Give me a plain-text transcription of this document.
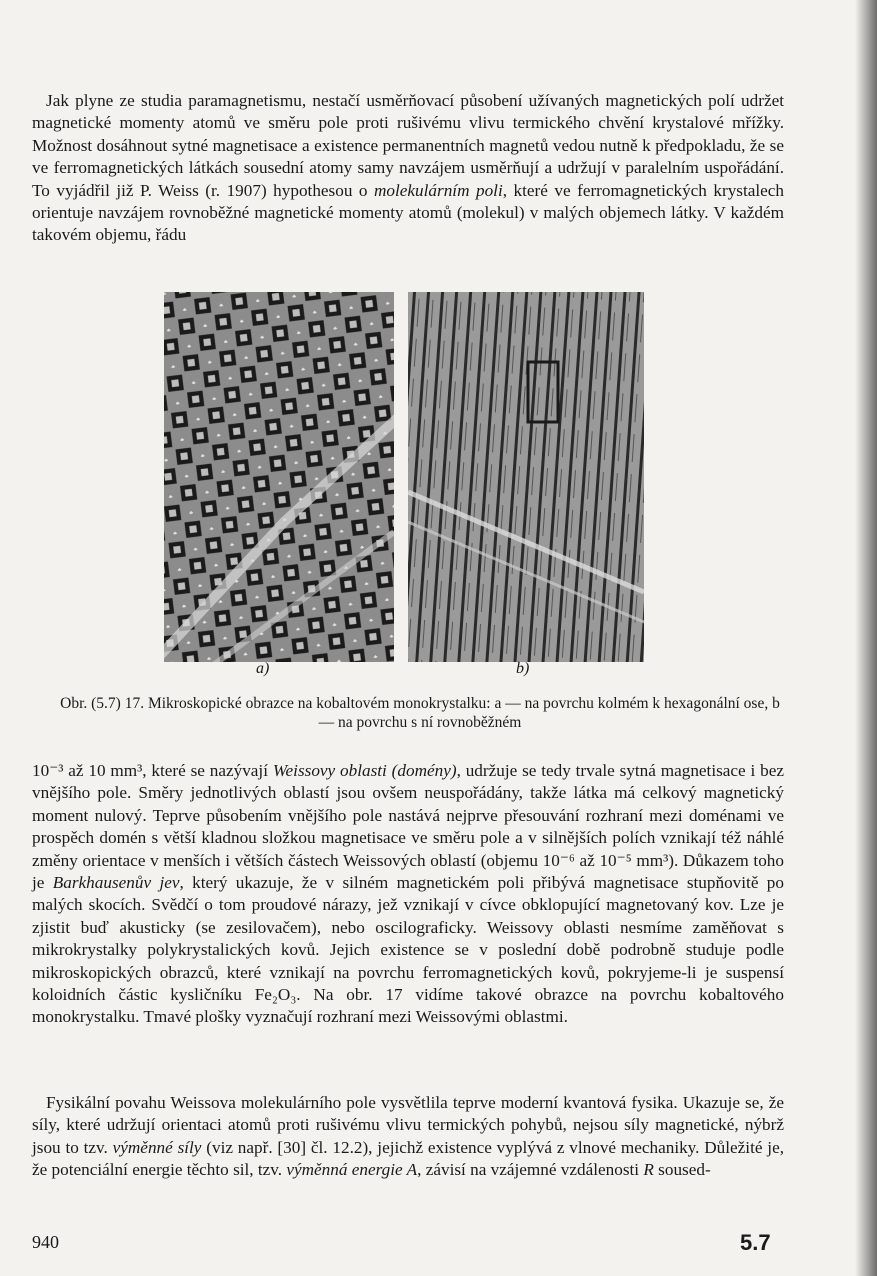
Jak plyne ze studia paramagnetismu, nestačí usměrňovací působení užívaných magnetických polí udržet magnetické momenty atomů ve směru pole proti rušivému vlivu termického chvění krystalové mřížky. Možnost dosáhnout sytné magnetisace a existence permanentních magnetů vedou nutně k předpokladu, že se ve ferromagnetických látkách sousední atomy samy navzájem usměrňují a udržují v paralelním uspořádání. To vyjádřil již P. Weiss (r. 1907) hypothesou o molekulárním poli, které ve ferromagnetických krystalech orientuje navzájem rovnoběžné magnetické momenty atomů (molekul) v malých objemech látky. V každém takovém objemu, řádu

a)	b)
Obr. (5.7) 17. Mikroskopické obrazce na kobaltovém monokrystalku: a — na povrchu kolmém k hexagonální ose, b — na povrchu s ní rovnoběžném

10⁻³ až 10 mm³, které se nazývají Weissovy oblasti (domény), udržuje se tedy trvale sytná magnetisace i bez vnějšího pole. Směry jednotlivých oblastí jsou ovšem neuspořádány, takže látka má celkový magnetický moment nulový. Teprve působením vnějšího pole nastává nejprve přesouvání rozhraní mezi doménami ve prospěch domén s větší kladnou složkou magnetisace ve směru pole a v silnějších polích vznikají též náhlé změny orientace v menších i větších částech Weissových oblastí (objemu 10⁻⁶ až 10⁻⁵ mm³). Důkazem toho je Barkhausenův jev, který ukazuje, že v silném magnetickém poli přibývá magnetisace stupňovitě po malých skocích. Svědčí o tom proudové nárazy, jež vznikají v cívce obklopující magnetovaný kov. Lze je zjistit buď akusticky (se zesilovačem), nebo oscilograficky. Weissovy oblasti nesmíme zaměňovat s mikrokrystalky polykrystalických kovů. Jejich existence se v poslední době podrobně studuje podle mikroskopických obrazců, které vznikají na povrchu ferromagnetických kovů, pokryjeme-li je suspensí koloidních částic kysličníku Fe₂O₃. Na obr. 17 vidíme takové obrazce na povrchu kobaltového monokrystalku. Tmavé plošky vyznačují rozhraní mezi Weissovými oblastmi.

Fysikální povahu Weissova molekulárního pole vysvětlila teprve moderní kvantová fysika. Ukazuje se, že síly, které udržují orientaci atomů proti rušivému vlivu termických pohybů, nejsou síly magnetické, nýbrž jsou to tzv. výměnné síly (viz např. [30] čl. 12.2), jejichž existence vyplývá z vlnové mechaniky. Důležité je, že potenciální energie těchto sil, tzv. výměnná energie A, závisí na vzájemné vzdálenosti R soused-

940	5.7
